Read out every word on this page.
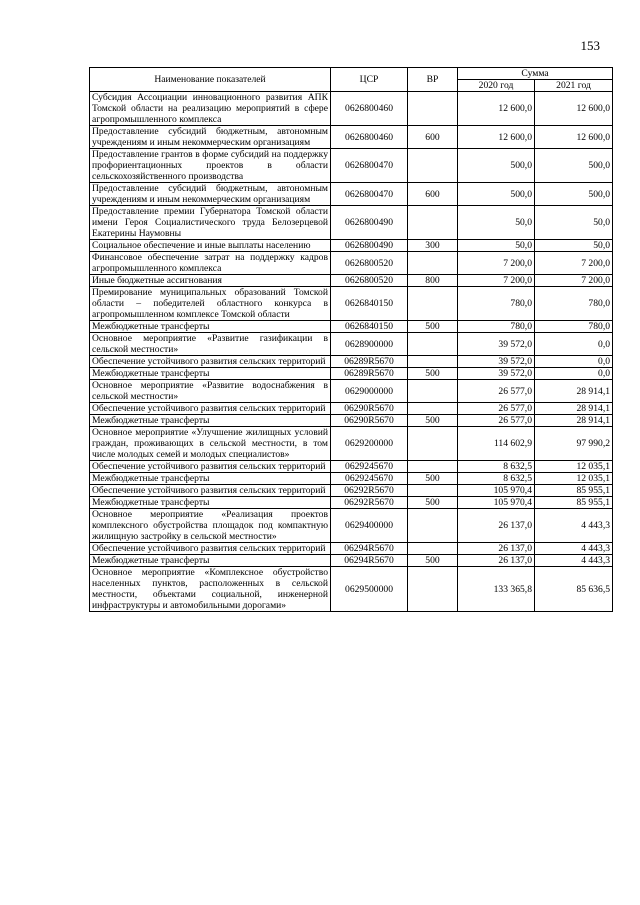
153
Наименование показателей	ЦСР	ВР	Сумма	
			2020 год	2021 год
Субсидия Ассоциации инновационного развития АПК Томской области на реализацию мероприятий в сфере агропромышленного комплекса	0626800460		12 600,0	12 600,0
Предоставление субсидий бюджетным, автономным учреждениям и иным некоммерческим организациям	0626800460	600	12 600,0	12 600,0
Предоставление грантов в форме субсидий на поддержку профориентационных проектов в области сельскохозяйственного производства	0626800470		500,0	500,0
Предоставление субсидий бюджетным, автономным учреждениям и иным некоммерческим организациям	0626800470	600	500,0	500,0
Предоставление премии Губернатора Томской области имени Героя Социалистического труда Белозерцевой Екатерины Наумовны	0626800490		50,0	50,0
Социальное обеспечение и иные выплаты населению	0626800490	300	50,0	50,0
Финансовое обеспечение затрат на поддержку кадров агропромышленного комплекса	0626800520		7 200,0	7 200,0
Иные бюджетные ассигнования	0626800520	800	7 200,0	7 200,0
Премирование муниципальных образований Томской области – победителей областного конкурса в агропромышленном комплексе Томской области	0626840150		780,0	780,0
Межбюджетные трансферты	0626840150	500	780,0	780,0
Основное мероприятие «Развитие газификации в сельской местности»	0628900000		39 572,0	0,0
Обеспечение устойчивого развития сельских территорий	06289R5670		39 572,0	0,0
Межбюджетные трансферты	06289R5670	500	39 572,0	0,0
Основное мероприятие «Развитие водоснабжения в сельской местности»	0629000000		26 577,0	28 914,1
Обеспечение устойчивого развития сельских территорий	06290R5670		26 577,0	28 914,1
Межбюджетные трансферты	06290R5670	500	26 577,0	28 914,1
Основное мероприятие «Улучшение жилищных условий граждан, проживающих в сельской местности, в том числе молодых семей и молодых специалистов»	0629200000		114 602,9	97 990,2
Обеспечение устойчивого развития сельских территорий	0629245670		8 632,5	12 035,1
Межбюджетные трансферты	0629245670	500	8 632,5	12 035,1
Обеспечение устойчивого развития сельских территорий	06292R5670		105 970,4	85 955,1
Межбюджетные трансферты	06292R5670	500	105 970,4	85 955,1
Основное мероприятие «Реализация проектов комплексного обустройства площадок под компактную жилищную застройку в сельской местности»	0629400000		26 137,0	4 443,3
Обеспечение устойчивого развития сельских территорий	06294R5670		26 137,0	4 443,3
Межбюджетные трансферты	06294R5670	500	26 137,0	4 443,3
Основное мероприятие «Комплексное обустройство населенных пунктов, расположенных в сельской местности, объектами социальной, инженерной инфраструктуры и автомобильными дорогами»	0629500000		133 365,8	85 636,5
